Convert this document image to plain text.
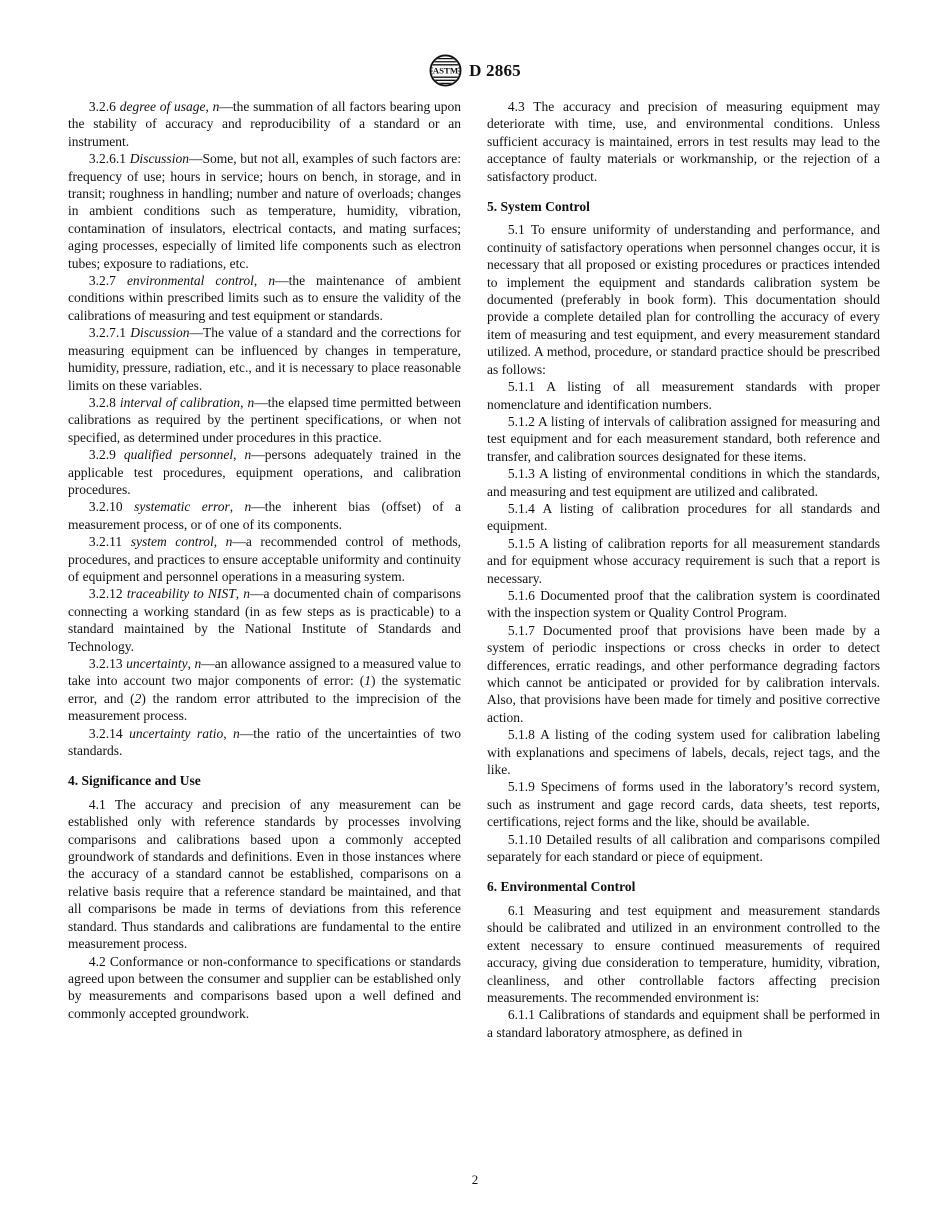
ASTM D 2865

3.2.6 degree of usage, n—the summation of all factors bearing upon the stability of accuracy and reproducibility of a standard or an instrument.

3.2.6.1 Discussion—Some, but not all, examples of such factors are: frequency of use; hours in service; hours on bench, in storage, and in transit; roughness in handling; number and nature of overloads; changes in ambient conditions such as temperature, humidity, vibration, contamination of insulators, electrical contacts, and mating surfaces; aging processes, especially of limited life components such as electron tubes; exposure to radiations, etc.

3.2.7 environmental control, n—the maintenance of ambient conditions within prescribed limits such as to ensure the validity of the calibrations of measuring and test equipment or standards.

3.2.7.1 Discussion—The value of a standard and the corrections for measuring equipment can be influenced by changes in temperature, humidity, pressure, radiation, etc., and it is necessary to place reasonable limits on these variables.

3.2.8 interval of calibration, n—the elapsed time permitted between calibrations as required by the pertinent specifications, or when not specified, as determined under procedures in this practice.

3.2.9 qualified personnel, n—persons adequately trained in the applicable test procedures, equipment operations, and calibration procedures.

3.2.10 systematic error, n—the inherent bias (offset) of a measurement process, or of one of its components.

3.2.11 system control, n—a recommended control of methods, procedures, and practices to ensure acceptable uniformity and continuity of equipment and personnel operations in a measuring system.

3.2.12 traceability to NIST, n—a documented chain of comparisons connecting a working standard (in as few steps as is practicable) to a standard maintained by the National Institute of Standards and Technology.

3.2.13 uncertainty, n—an allowance assigned to a measured value to take into account two major components of error: (1) the systematic error, and (2) the random error attributed to the imprecision of the measurement process.

3.2.14 uncertainty ratio, n—the ratio of the uncertainties of two standards.

4. Significance and Use

4.1 The accuracy and precision of any measurement can be established only with reference standards by processes involving comparisons and calibrations based upon a commonly accepted groundwork of standards and definitions. Even in those instances where the accuracy of a standard cannot be established, comparisons on a relative basis require that a reference standard be maintained, and that all comparisons be made in terms of deviations from this reference standard. Thus standards and calibrations are fundamental to the entire measurement process.

4.2 Conformance or non-conformance to specifications or standards agreed upon between the consumer and supplier can be established only by measurements and comparisons based upon a well defined and commonly accepted groundwork.

4.3 The accuracy and precision of measuring equipment may deteriorate with time, use, and environmental conditions. Unless sufficient accuracy is maintained, errors in test results may lead to the acceptance of faulty materials or workmanship, or the rejection of a satisfactory product.

5. System Control

5.1 To ensure uniformity of understanding and performance, and continuity of satisfactory operations when personnel changes occur, it is necessary that all proposed or existing procedures or practices intended to implement the equipment and standards calibration system be documented (preferably in book form). This documentation should provide a complete detailed plan for controlling the accuracy of every item of measuring and test equipment, and every measurement standard utilized. A method, procedure, or standard practice should be prescribed as follows:

5.1.1 A listing of all measurement standards with proper nomenclature and identification numbers.

5.1.2 A listing of intervals of calibration assigned for measuring and test equipment and for each measurement standard, both reference and transfer, and calibration sources designated for these items.

5.1.3 A listing of environmental conditions in which the standards, and measuring and test equipment are utilized and calibrated.

5.1.4 A listing of calibration procedures for all standards and equipment.

5.1.5 A listing of calibration reports for all measurement standards and for equipment whose accuracy requirement is such that a report is necessary.

5.1.6 Documented proof that the calibration system is coordinated with the inspection system or Quality Control Program.

5.1.7 Documented proof that provisions have been made by a system of periodic inspections or cross checks in order to detect differences, erratic readings, and other performance degrading factors which cannot be anticipated or provided for by calibration intervals. Also, that provisions have been made for timely and positive corrective action.

5.1.8 A listing of the coding system used for calibration labeling with explanations and specimens of labels, decals, reject tags, and the like.

5.1.9 Specimens of forms used in the laboratory’s record system, such as instrument and gage record cards, data sheets, test reports, certifications, reject forms and the like, should be available.

5.1.10 Detailed results of all calibration and comparisons compiled separately for each standard or piece of equipment.

6. Environmental Control

6.1 Measuring and test equipment and measurement standards should be calibrated and utilized in an environment controlled to the extent necessary to ensure continued measurements of required accuracy, giving due consideration to temperature, humidity, vibration, cleanliness, and other controllable factors affecting precision measurements. The recommended environment is:

6.1.1 Calibrations of standards and equipment shall be performed in a standard laboratory atmosphere, as defined in

2
